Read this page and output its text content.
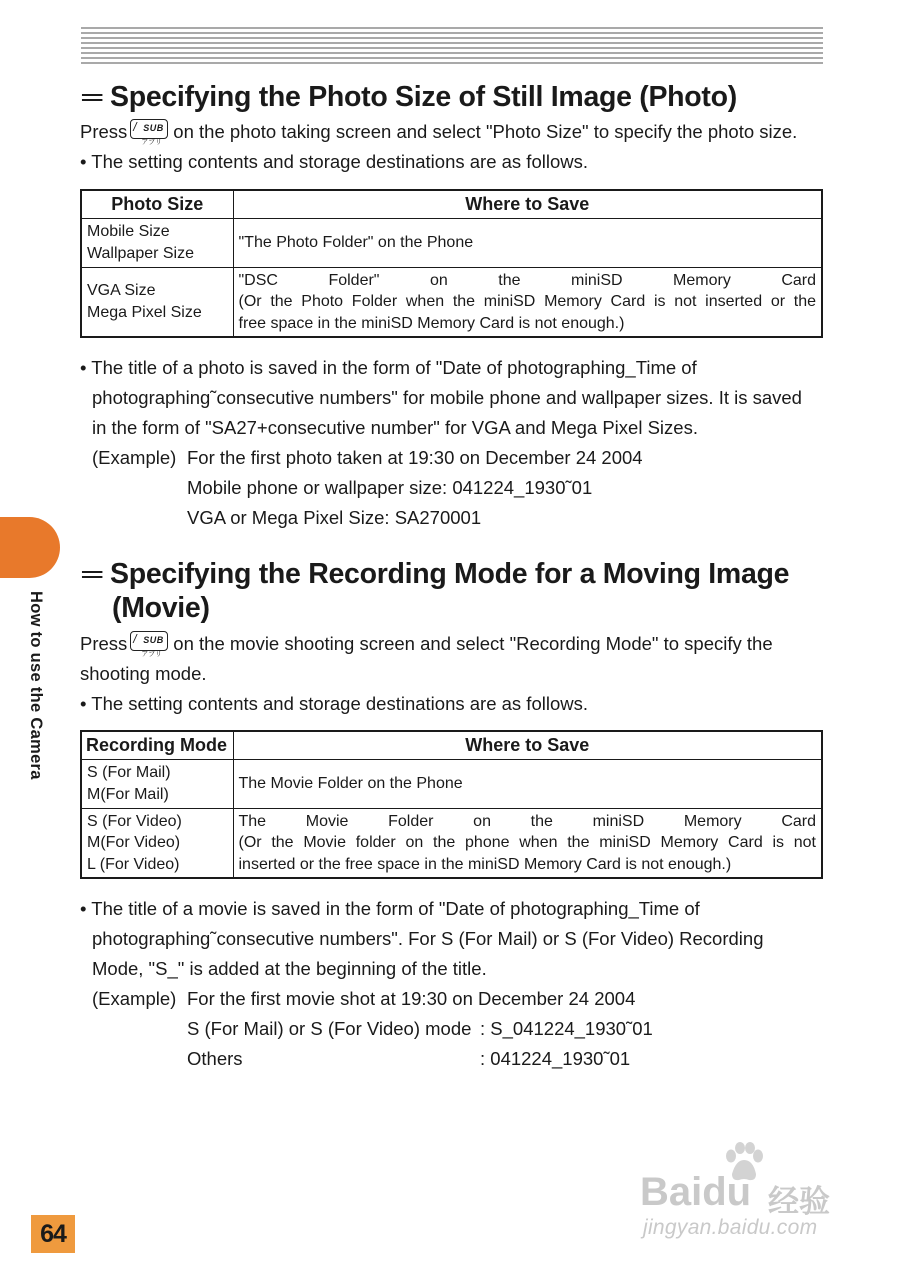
═ Specifying the Photo Size of Still Image (Photo)
Press / SUB
アプリ
on the photo taking screen and select "Photo Size" to specify the photo size.
• The setting contents and storage destinations are as follows.
Photo Size	Where to Save

Mobile Size
Wallpaper Size	"The Photo Folder" on the Phone

VGA Size
Mega Pixel Size	"DSC Folder" on the miniSD Memory Card
(Or the Photo Folder when the miniSD Memory Card is not inserted or the
free space in the miniSD Memory Card is not enough.)
• The title of a photo is saved in the form of "Date of photographing_Time of
photographing˜consecutive numbers" for mobile phone and wallpaper sizes. It is saved
in the form of "SA27+consecutive number" for VGA and Mega Pixel Sizes.
(Example) For the first photo taken at 19:30 on December 24 2004
Mobile phone or wallpaper size: 041224_1930˜01
VGA or Mega Pixel Size: SA270001
═ Specifying the Recording Mode for a Moving Image
(Movie)
Press / SUB
アプリ
on the movie shooting screen and select "Recording Mode" to specify the
shooting mode.
• The setting contents and storage destinations are as follows.
Recording Mode	Where to Save

S (For Mail)
M(For Mail)	The Movie Folder on the Phone

S (For Video)
M(For Video)
L (For Video)	The Movie Folder on the miniSD Memory Card
(Or the Movie folder on the phone when the miniSD Memory Card is not
inserted or the free space in the miniSD Memory Card is not enough.)
• The title of a movie is saved in the form of "Date of photographing_Time of
photographing˜consecutive numbers". For S (For Mail) or S (For Video) Recording
Mode, "S_" is added at the beginning of the title.
(Example) For the first movie shot at 19:30 on December 24 2004
S (For Mail) or S (For Video) mode : S_041224_1930˜01
Others	: 041224_1930˜01
How to use the Camera
64
Baidu 经验
jingyan.baidu.com
